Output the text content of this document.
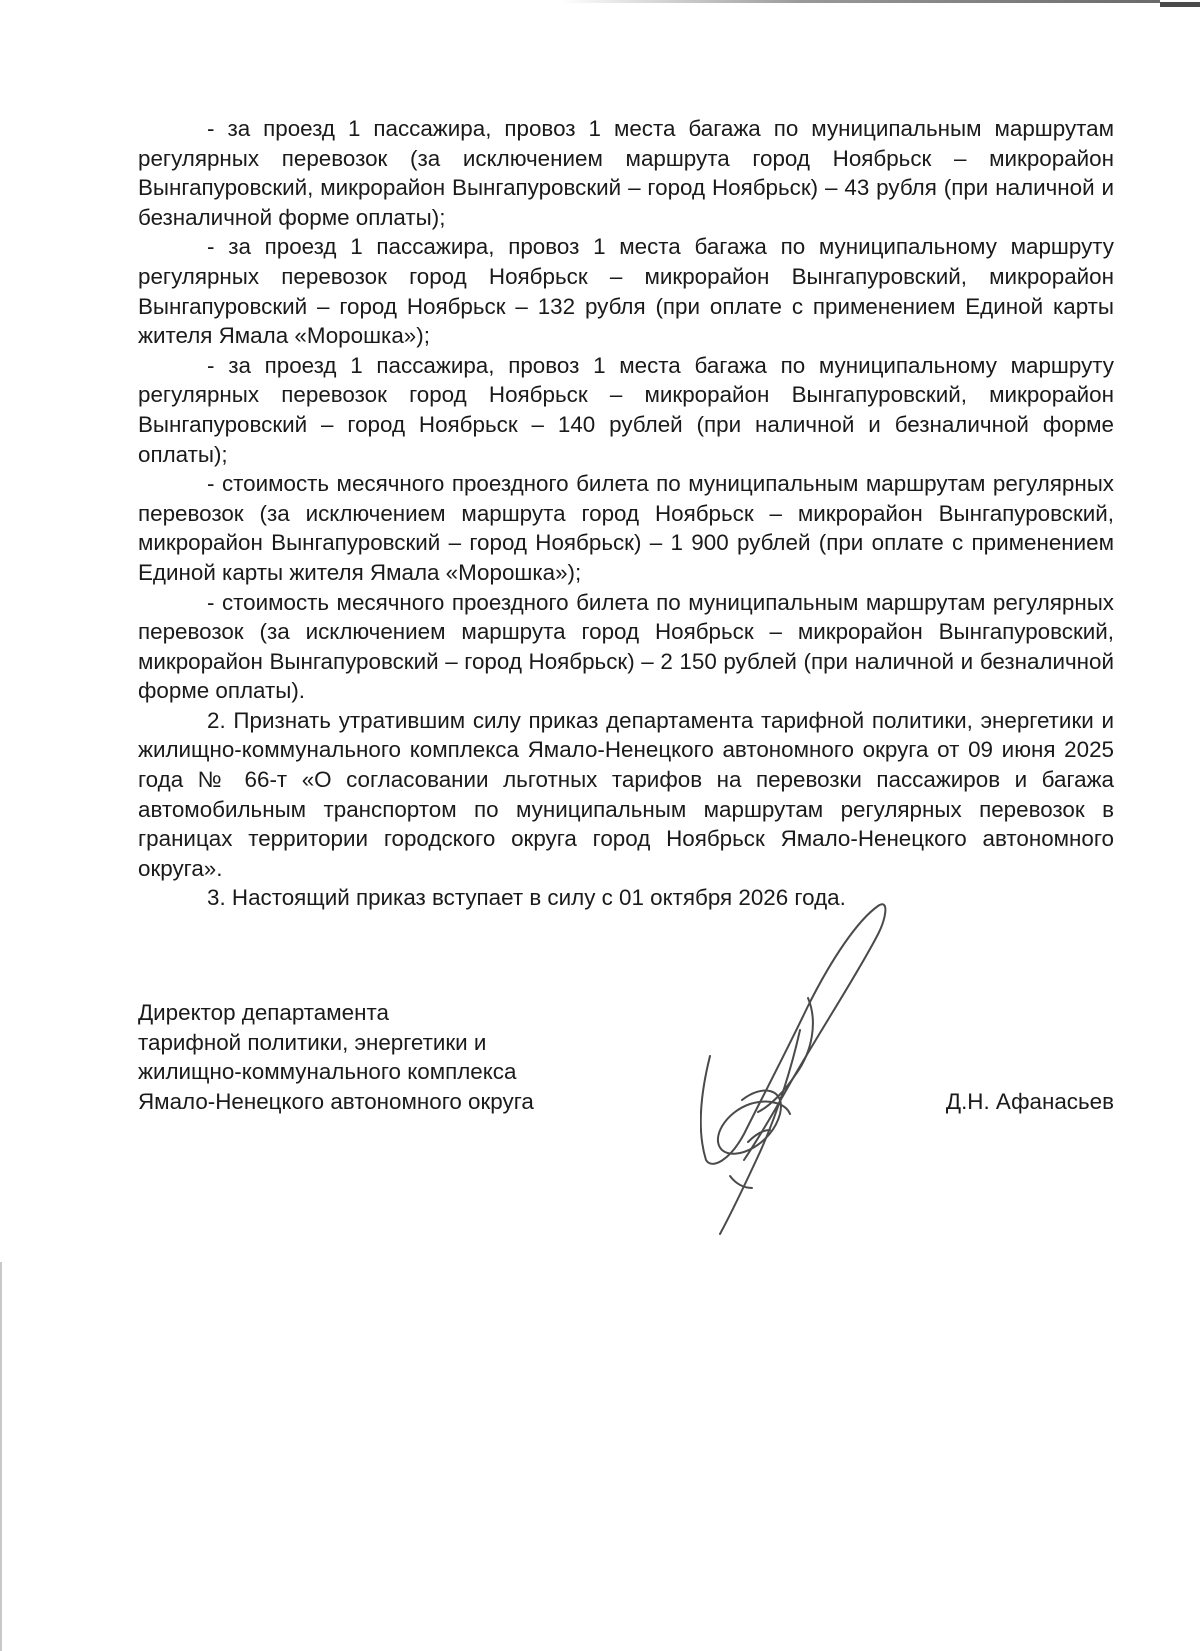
- за проезд 1 пассажира, провоз 1 места багажа по муниципальным маршрутам регулярных перевозок (за исключением маршрута город Ноябрьск – микрорайон Вынгапуровский, микрорайон Вынгапуровский – город Ноябрьск) – 43 рубля (при наличной и безналичной форме оплаты);

- за проезд 1 пассажира, провоз 1 места багажа по муниципальному маршруту регулярных перевозок город Ноябрьск – микрорайон Вынгапуровский, микрорайон Вынгапуровский – город Ноябрьск – 132 рубля (при оплате с применением Единой карты жителя Ямала «Морошка»);

- за проезд 1 пассажира, провоз 1 места багажа по муниципальному маршруту регулярных перевозок город Ноябрьск – микрорайон Вынгапуровский, микрорайон Вынгапуровский – город Ноябрьск – 140 рублей (при наличной и безналичной форме оплаты);

- стоимость месячного проездного билета по муниципальным маршрутам регулярных перевозок (за исключением маршрута город Ноябрьск – микрорайон Вынгапуровский, микрорайон Вынгапуровский – город Ноябрьск) – 1 900 рублей (при оплате с применением Единой карты жителя Ямала «Морошка»);

- стоимость месячного проездного билета по муниципальным маршрутам регулярных перевозок (за исключением маршрута город Ноябрьск – микрорайон Вынгапуровский, микрорайон Вынгапуровский – город Ноябрьск) – 2 150 рублей (при наличной и безналичной форме оплаты).

2. Признать утратившим силу приказ департамента тарифной политики, энергетики и жилищно-коммунального комплекса Ямало-Ненецкого автономного округа от 09 июня 2025 года № 66-т «О согласовании льготных тарифов на перевозки пассажиров и багажа автомобильным транспортом по муниципальным маршрутам регулярных перевозок в границах территории городского округа город Ноябрьск Ямало-Ненецкого автономного округа».

3. Настоящий приказ вступает в силу с 01 октября 2026 года.

Директор департамента
тарифной политики, энергетики и
жилищно-коммунального комплекса
Ямало-Ненецкого автономного округа	Д.Н. Афанасьев
